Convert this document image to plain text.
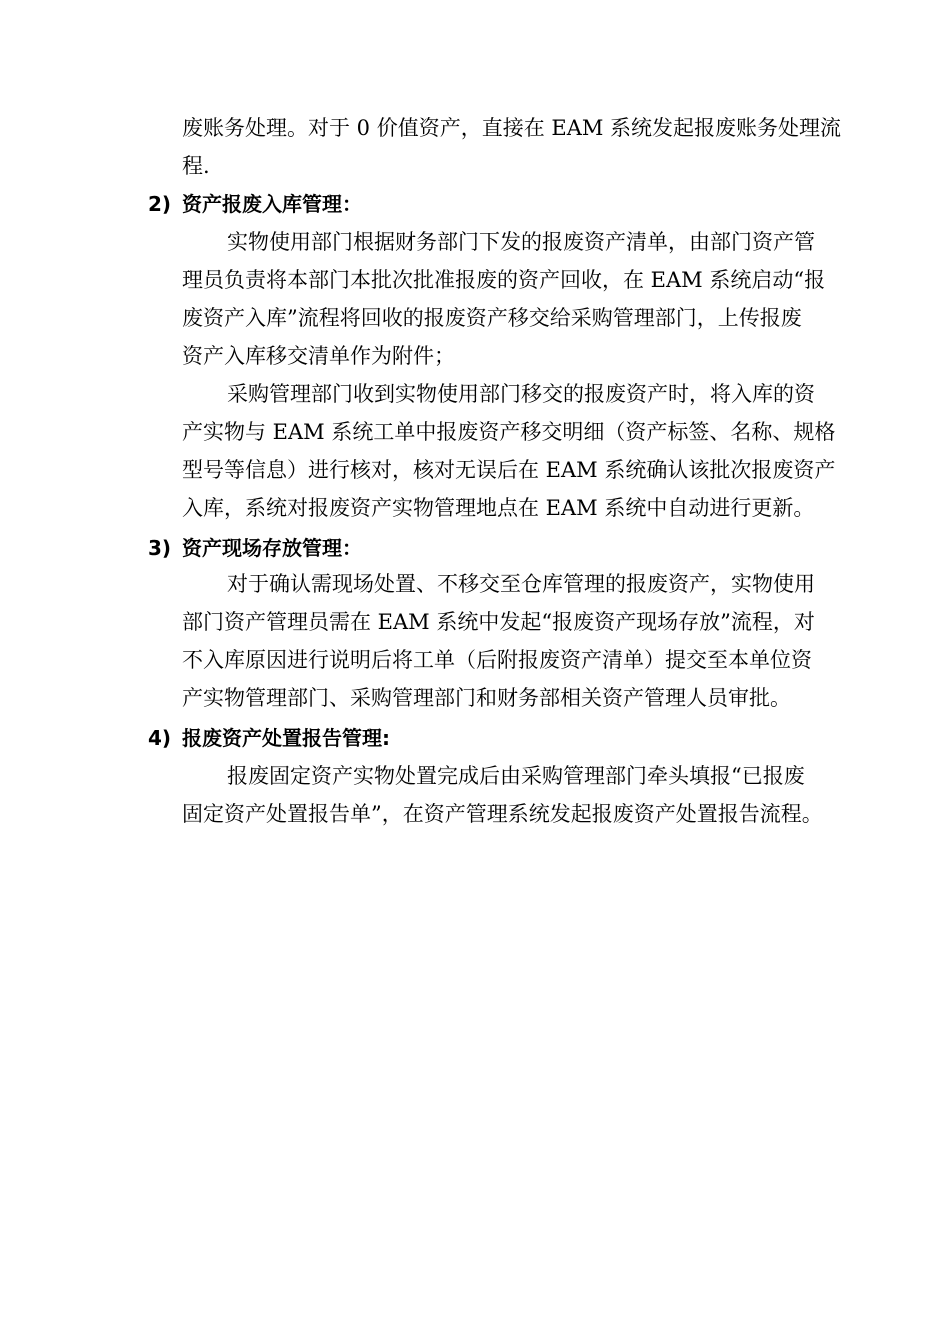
废账务处理。对于 0 价值资产，直接在 EAM 系统发起报废账务处理流
程.
2) 资产报废入库管理：
实物使用部门根据财务部门下发的报废资产清单，由部门资产管
理员负责将本部门本批次批准报废的资产回收，在 EAM 系统启动“报
废资产入库”流程将回收的报废资产移交给采购管理部门，上传报废
资产入库移交清单作为附件；
采购管理部门收到实物使用部门移交的报废资产时，将入库的资
产实物与 EAM 系统工单中报废资产移交明细（资产标签、名称、规格
型号等信息）进行核对，核对无误后在 EAM 系统确认该批次报废资产
入库，系统对报废资产实物管理地点在 EAM 系统中自动进行更新。
3) 资产现场存放管理：
对于确认需现场处置、不移交至仓库管理的报废资产，实物使用
部门资产管理员需在 EAM 系统中发起“报废资产现场存放”流程，对
不入库原因进行说明后将工单（后附报废资产清单）提交至本单位资
产实物管理部门、采购管理部门和财务部相关资产管理人员审批。
4) 报废资产处置报告管理:
报废固定资产实物处置完成后由采购管理部门牵头填报“已报废
固定资产处置报告单”，在资产管理系统发起报废资产处置报告流程。
